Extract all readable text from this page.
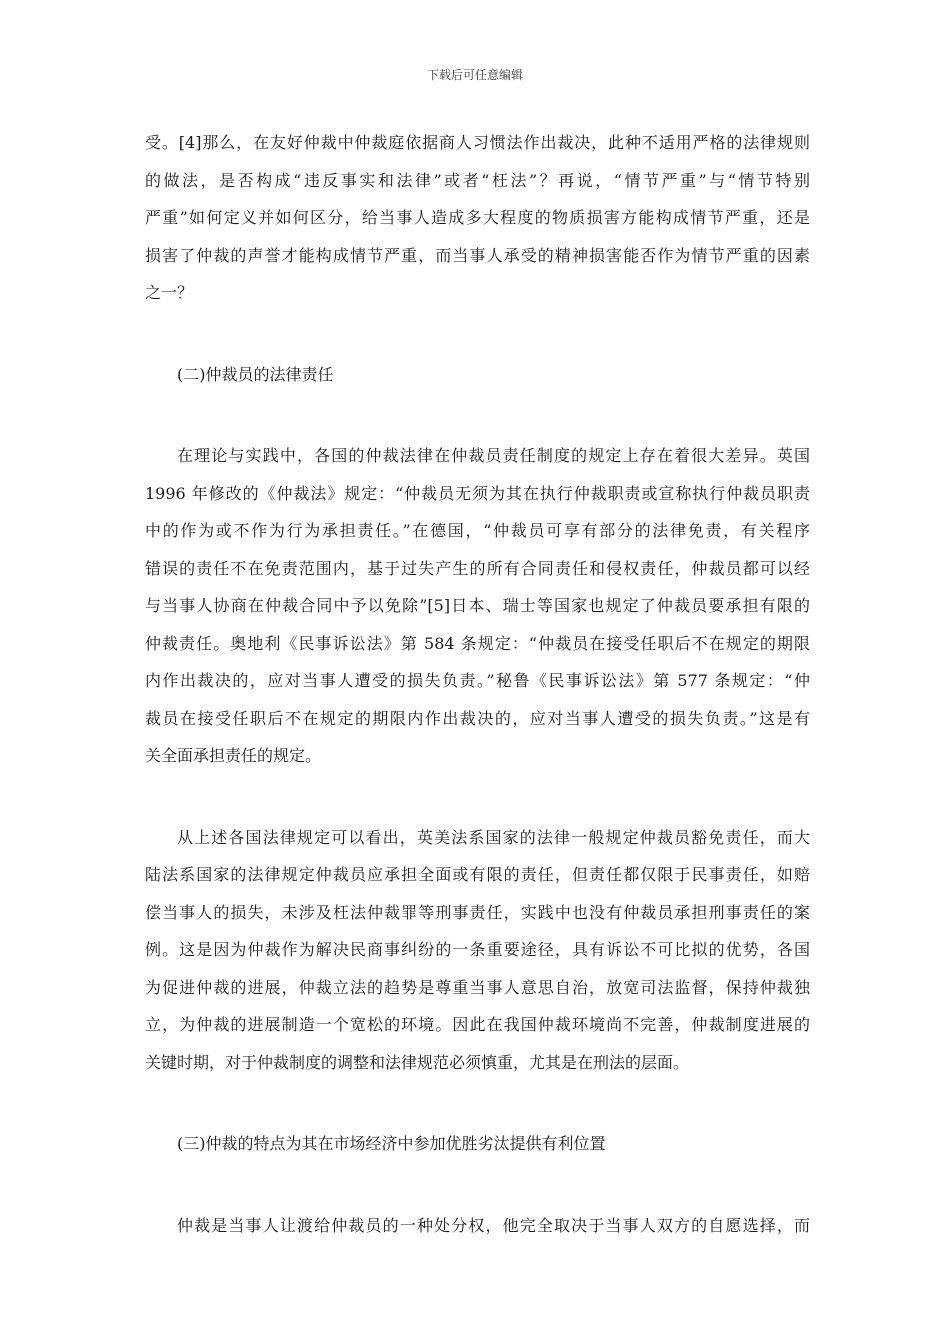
下载后可任意编辑

受。[4]那么，在友好仲裁中仲裁庭依据商人习惯法作出裁决，此种不适用严格的法律规则
的做法，是否构成“违反事实和法律”或者“枉法”？再说，“情节严重”与“情节特别
严重”如何定义并如何区分，给当事人造成多大程度的物质损害方能构成情节严重，还是
损害了仲裁的声誉才能构成情节严重，而当事人承受的精神损害能否作为情节严重的因素
之一？

(二)仲裁员的法律责任

在理论与实践中，各国的仲裁法律在仲裁员责任制度的规定上存在着很大差异。英国
1996 年修改的《仲裁法》规定：“仲裁员无须为其在执行仲裁职责或宣称执行仲裁员职责
中的作为或不作为行为承担责任。”在德国，“仲裁员可享有部分的法律免责，有关程序
错误的责任不在免责范围内，基于过失产生的所有合同责任和侵权责任，仲裁员都可以经
与当事人协商在仲裁合同中予以免除”[5]日本、瑞士等国家也规定了仲裁员要承担有限的
仲裁责任。奥地利《民事诉讼法》第 584 条规定：“仲裁员在接受任职后不在规定的期限
内作出裁决的，应对当事人遭受的损失负责。”秘鲁《民事诉讼法》第 577 条规定：“仲
裁员在接受任职后不在规定的期限内作出裁决的，应对当事人遭受的损失负责。”这是有
关全面承担责任的规定。

从上述各国法律规定可以看出，英美法系国家的法律一般规定仲裁员豁免责任，而大
陆法系国家的法律规定仲裁员应承担全面或有限的责任，但责任都仅限于民事责任，如赔
偿当事人的损失，未涉及枉法仲裁罪等刑事责任，实践中也没有仲裁员承担刑事责任的案
例。这是因为仲裁作为解决民商事纠纷的一条重要途径，具有诉讼不可比拟的优势，各国
为促进仲裁的进展，仲裁立法的趋势是尊重当事人意思自治，放宽司法监督，保持仲裁独
立，为仲裁的进展制造一个宽松的环境。因此在我国仲裁环境尚不完善，仲裁制度进展的
关键时期，对于仲裁制度的调整和法律规范必须慎重，尤其是在刑法的层面。

(三)仲裁的特点为其在市场经济中参加优胜劣汰提供有利位置

仲裁是当事人让渡给仲裁员的一种处分权，他完全取决于当事人双方的自愿选择，而
